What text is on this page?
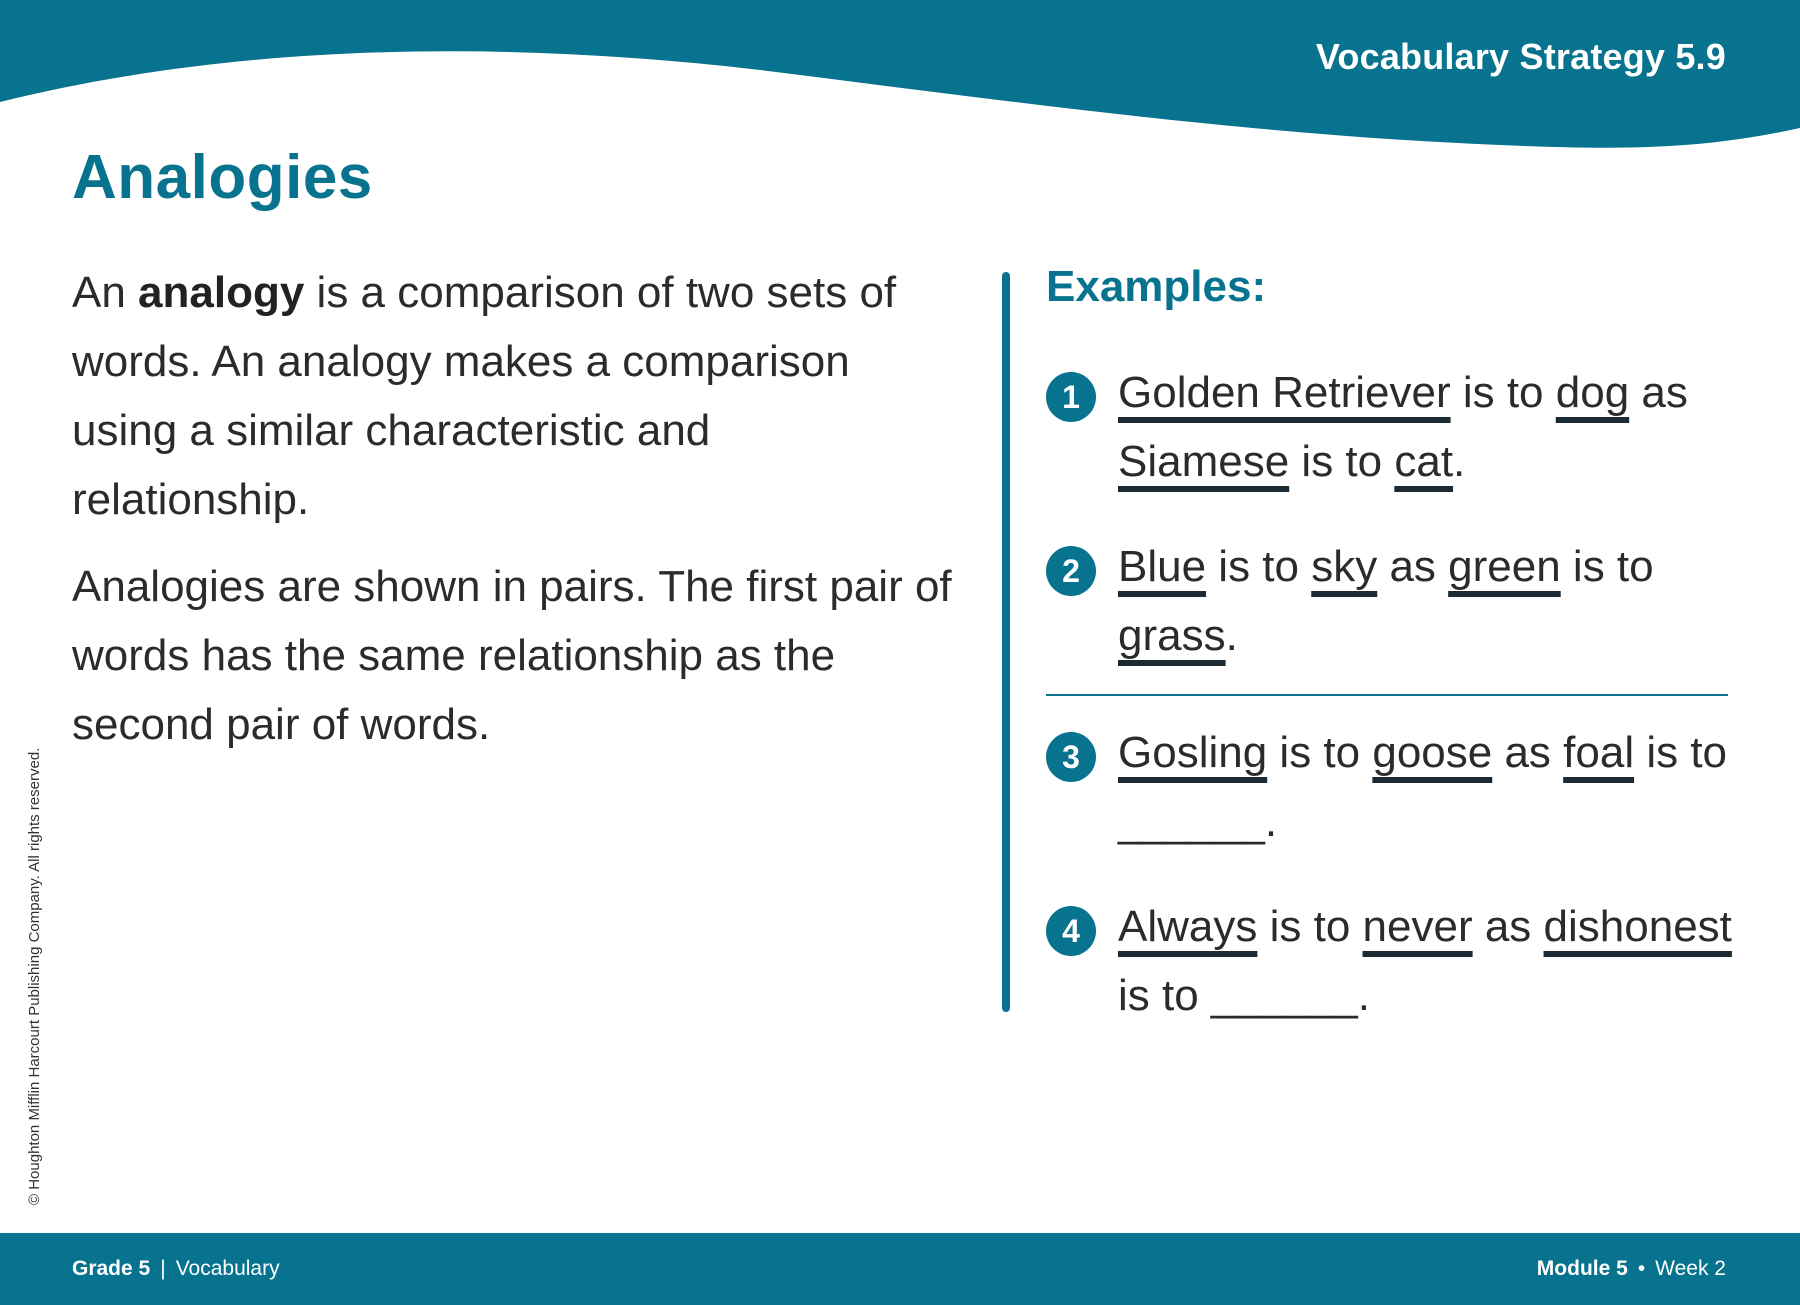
Vocabulary Strategy 5.9
Analogies

An analogy is a comparison of two sets of words. An analogy makes a comparison using a similar characteristic and relationship.

Analogies are shown in pairs. The first pair of words has the same relationship as the second pair of words.

Examples:
1 Golden Retriever is to dog as Siamese is to cat.
2 Blue is to sky as green is to grass.
3 Gosling is to goose as foal is to ______.
4 Always is to never as dishonest is to ______.
© Houghton Mifflin Harcourt Publishing Company. All rights reserved.
Grade 5 | Vocabulary	Module 5 • Week 2
